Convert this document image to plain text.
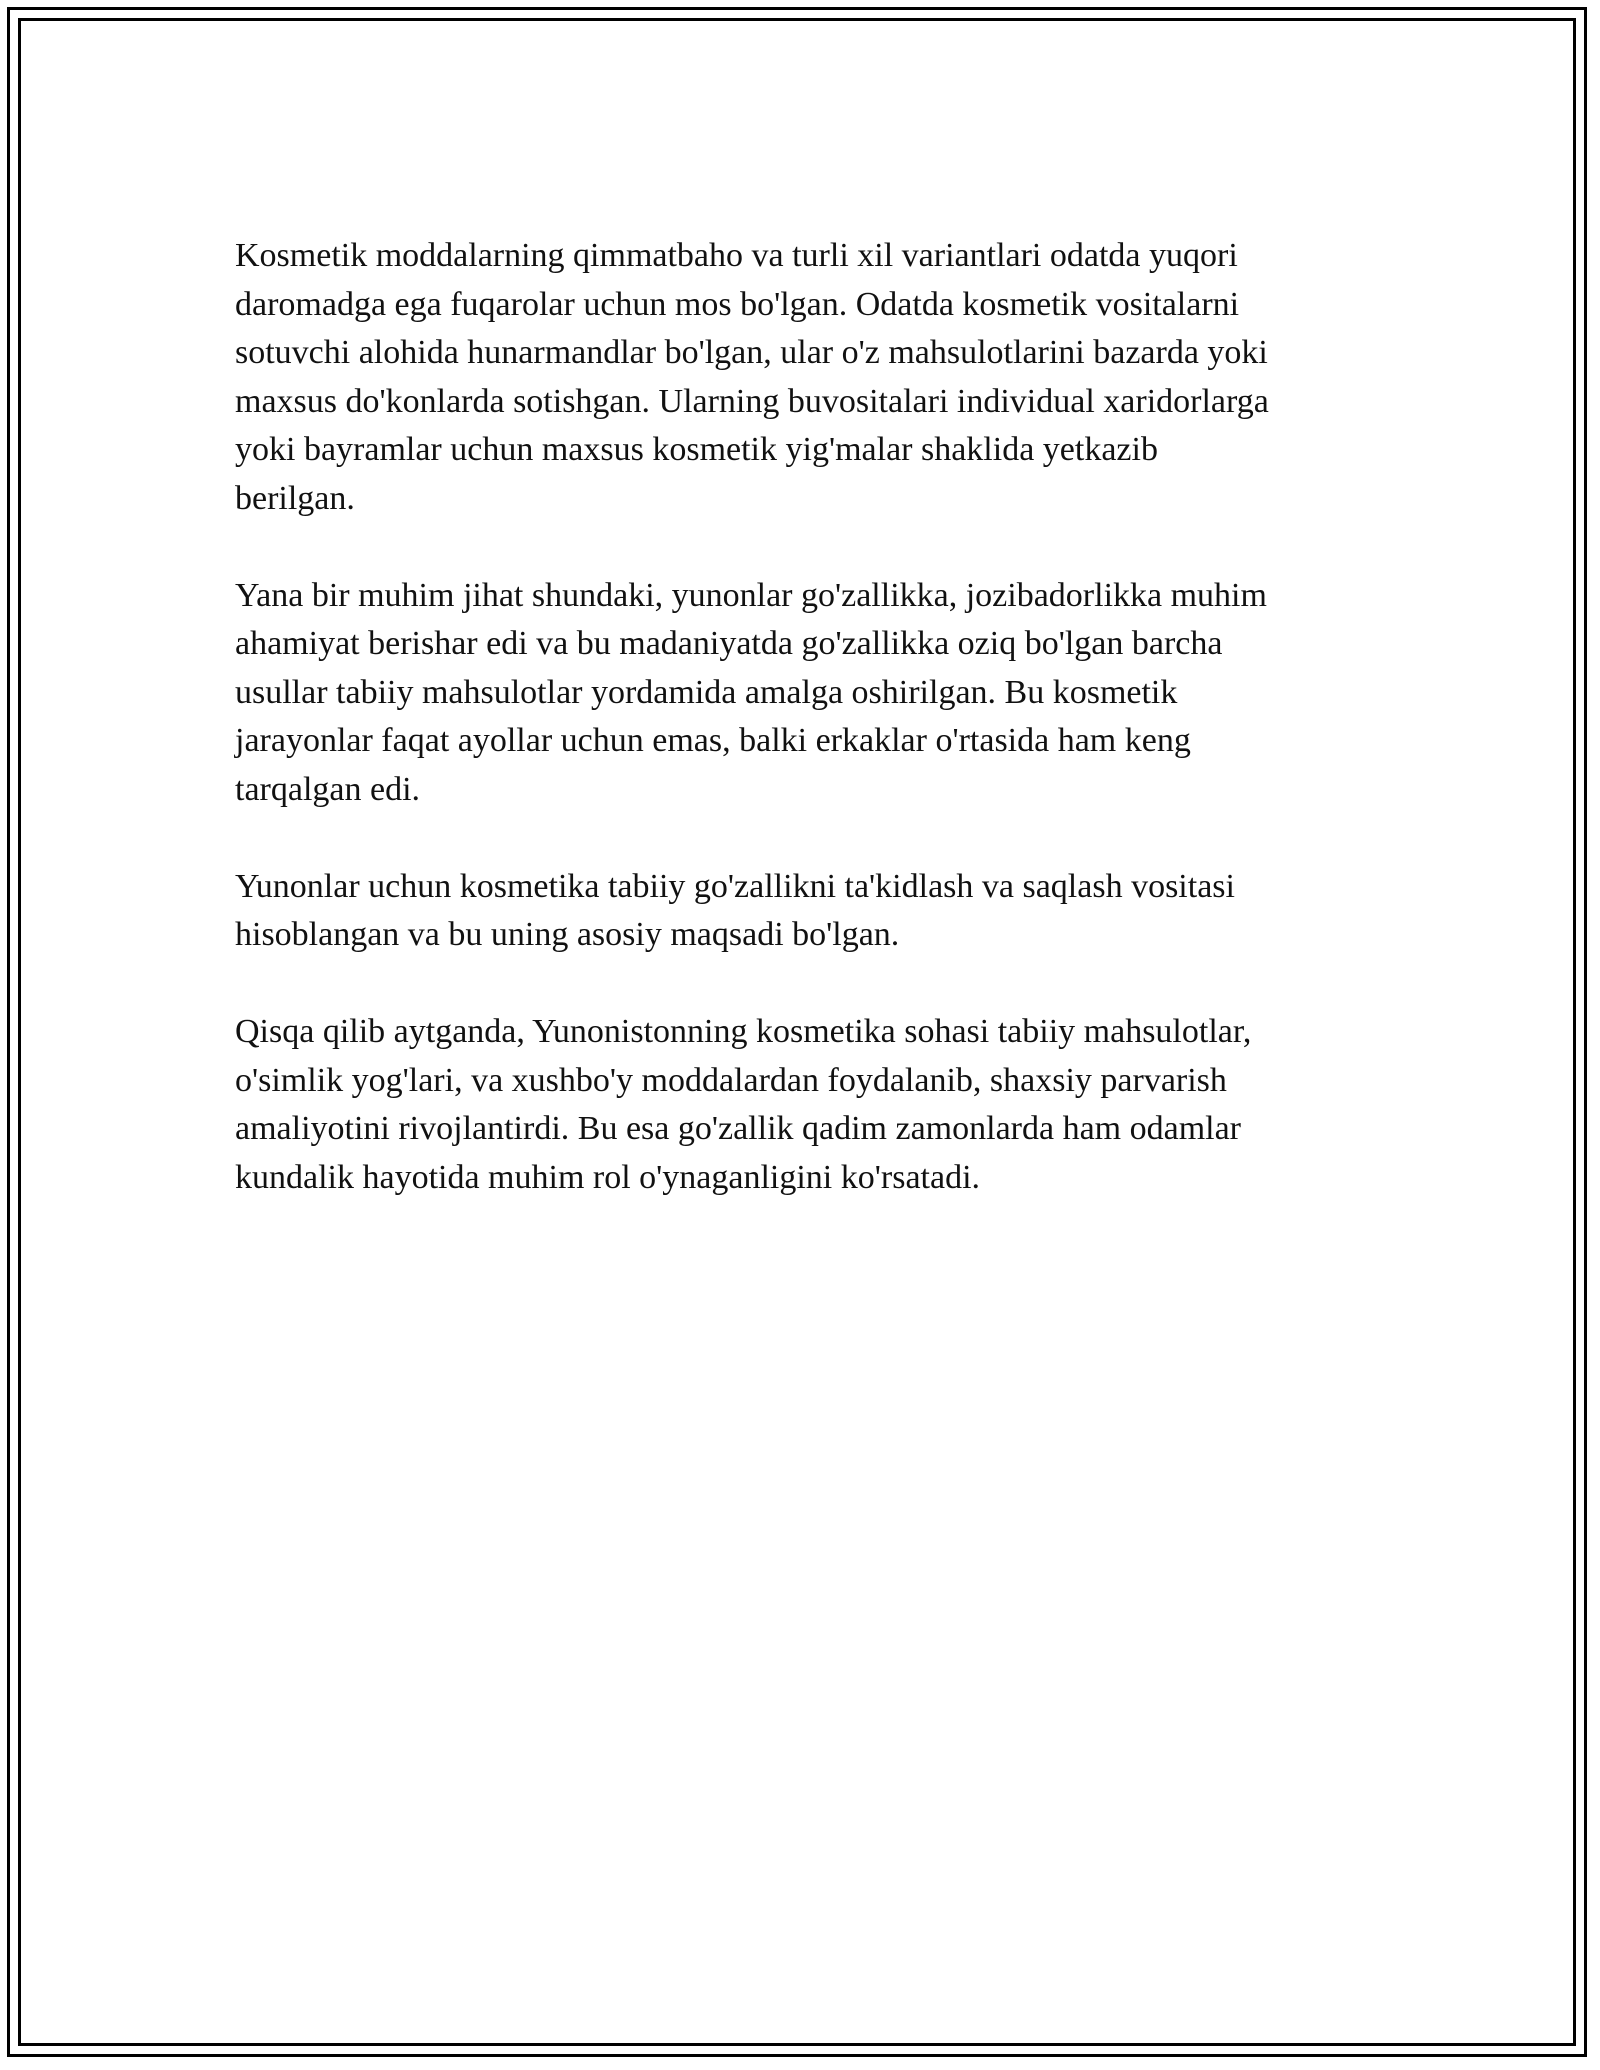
Kosmetik moddalarning qimmatbaho va turli xil variantlari odatda yuqori
daromadga ega fuqarolar uchun mos bo'lgan. Odatda kosmetik vositalarni
sotuvchi alohida hunarmandlar bo'lgan, ular o'z mahsulotlarini bazarda yoki
maxsus do'konlarda sotishgan. Ularning buvositalari individual xaridorlarga
yoki bayramlar uchun maxsus kosmetik yig'malar shaklida yetkazib
berilgan.

Yana bir muhim jihat shundaki, yunonlar go'zallikka, jozibadorlikka muhim
ahamiyat berishar edi va bu madaniyatda go'zallikka oziq bo'lgan barcha
usullar tabiiy mahsulotlar yordamida amalga oshirilgan. Bu kosmetik
jarayonlar faqat ayollar uchun emas, balki erkaklar o'rtasida ham keng
tarqalgan edi.

Yunonlar uchun kosmetika tabiiy go'zallikni ta'kidlash va saqlash vositasi
hisoblangan va bu uning asosiy maqsadi bo'lgan.

Qisqa qilib aytganda, Yunonistonning kosmetika sohasi tabiiy mahsulotlar,
o'simlik yog'lari, va xushbo'y moddalardan foydalanib, shaxsiy parvarish
amaliyotini rivojlantirdi. Bu esa go'zallik qadim zamonlarda ham odamlar
kundalik hayotida muhim rol o'ynaganligini ko'rsatadi.
